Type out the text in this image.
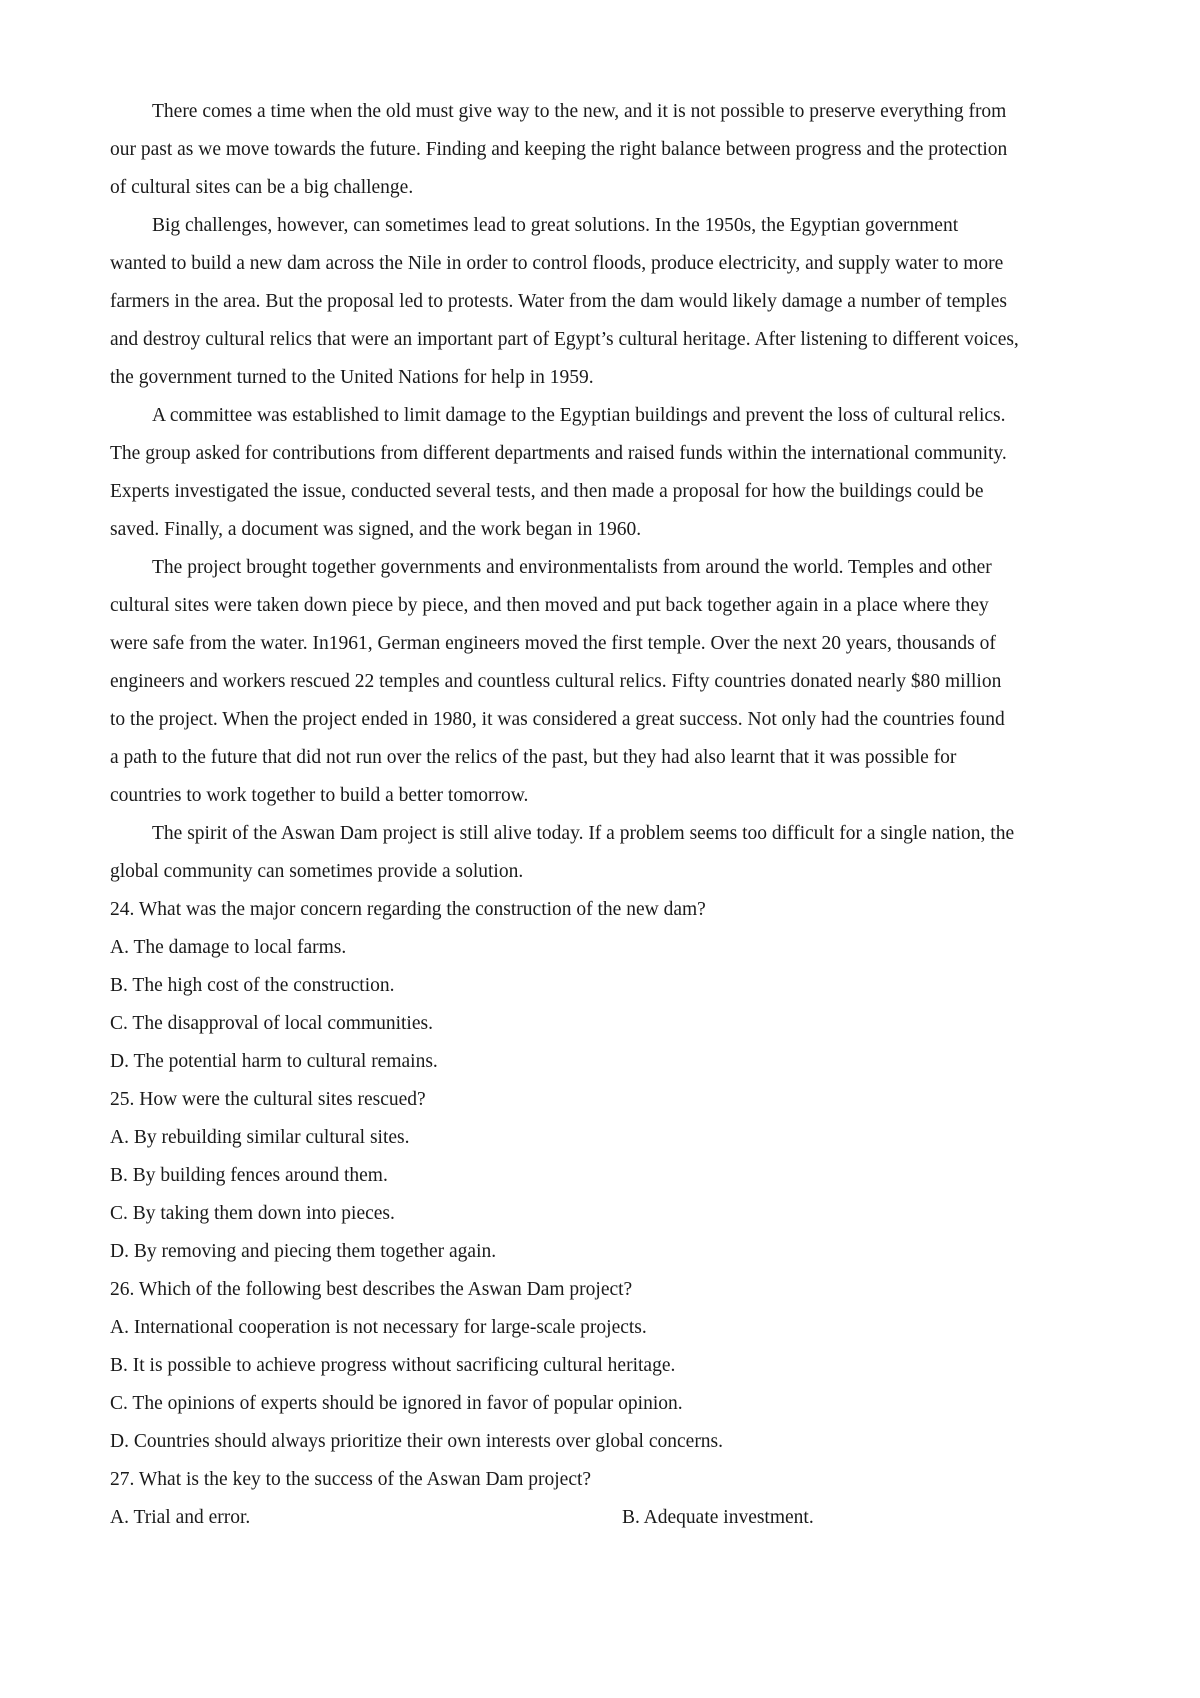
There comes a time when the old must give way to the new, and it is not possible to preserve everything from
our past as we move towards the future. Finding and keeping the right balance between progress and the protection
of cultural sites can be a big challenge.
Big challenges, however, can sometimes lead to great solutions. In the 1950s, the Egyptian government
wanted to build a new dam across the Nile in order to control floods, produce electricity, and supply water to more
farmers in the area. But the proposal led to protests. Water from the dam would likely damage a number of temples
and destroy cultural relics that were an important part of Egypt’s cultural heritage. After listening to different voices,
the government turned to the United Nations for help in 1959.
A committee was established to limit damage to the Egyptian buildings and prevent the loss of cultural relics.
The group asked for contributions from different departments and raised funds within the international community.
Experts investigated the issue, conducted several tests, and then made a proposal for how the buildings could be
saved. Finally, a document was signed, and the work began in 1960.
The project brought together governments and environmentalists from around the world. Temples and other
cultural sites were taken down piece by piece, and then moved and put back together again in a place where they
were safe from the water. In1961, German engineers moved the first temple. Over the next 20 years, thousands of
engineers and workers rescued 22 temples and countless cultural relics. Fifty countries donated nearly $80 million
to the project. When the project ended in 1980, it was considered a great success. Not only had the countries found
a path to the future that did not run over the relics of the past, but they had also learnt that it was possible for
countries to work together to build a better tomorrow.
The spirit of the Aswan Dam project is still alive today. If a problem seems too difficult for a single nation, the
global community can sometimes provide a solution.
24. What was the major concern regarding the construction of the new dam?
A. The damage to local farms.
B. The high cost of the construction.
C. The disapproval of local communities.
D. The potential harm to cultural remains.
25. How were the cultural sites rescued?
A. By rebuilding similar cultural sites.
B. By building fences around them.
C. By taking them down into pieces.
D. By removing and piecing them together again.
26. Which of the following best describes the Aswan Dam project?
A. International cooperation is not necessary for large-scale projects.
B. It is possible to achieve progress without sacrificing cultural heritage.
C. The opinions of experts should be ignored in favor of popular opinion.
D. Countries should always prioritize their own interests over global concerns.
27. What is the key to the success of the Aswan Dam project?
A. Trial and error.	B. Adequate investment.
